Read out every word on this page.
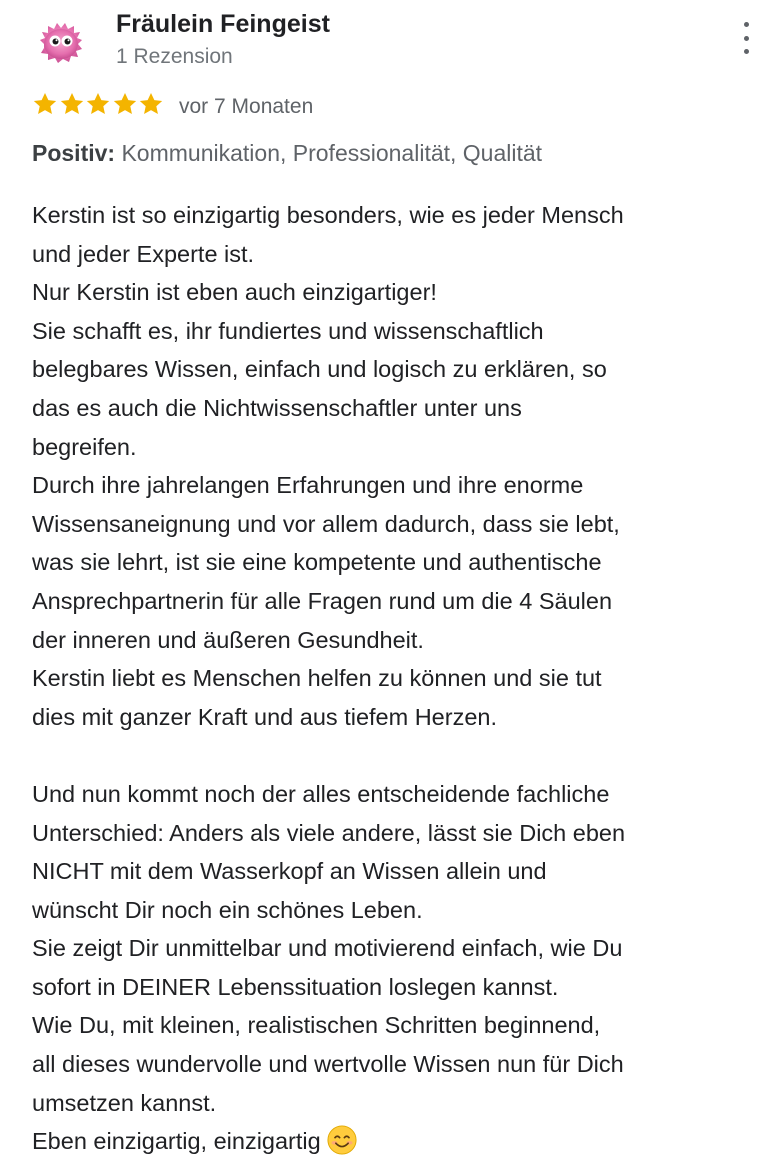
Fräulein Feingeist
1 Rezension
vor 7 Monaten
Positiv: Kommunikation, Professionalität, Qualität
Kerstin ist so einzigartig besonders, wie es jeder Mensch
und jeder Experte ist.
Nur Kerstin ist eben auch einzigartiger!
Sie schafft es, ihr fundiertes und wissenschaftlich
belegbares Wissen, einfach und logisch zu erklären, so
das es auch die Nichtwissenschaftler unter uns
begreifen.
Durch ihre jahrelangen Erfahrungen und ihre enorme
Wissensaneignung und vor allem dadurch, dass sie lebt,
was sie lehrt, ist sie eine kompetente und authentische
Ansprechpartnerin für alle Fragen rund um die 4 Säulen
der inneren und äußeren Gesundheit.
Kerstin liebt es Menschen helfen zu können und sie tut
dies mit ganzer Kraft und aus tiefem Herzen.
Und nun kommt noch der alles entscheidende fachliche
Unterschied: Anders als viele andere, lässt sie Dich eben
NICHT mit dem Wasserkopf an Wissen allein und
wünscht Dir noch ein schönes Leben.
Sie zeigt Dir unmittelbar und motivierend einfach, wie Du
sofort in DEINER Lebenssituation loslegen kannst.
Wie Du, mit kleinen, realistischen Schritten beginnend,
all dieses wundervolle und wertvolle Wissen nun für Dich
umsetzen kannst.
Eben einzigartig, einzigartig
